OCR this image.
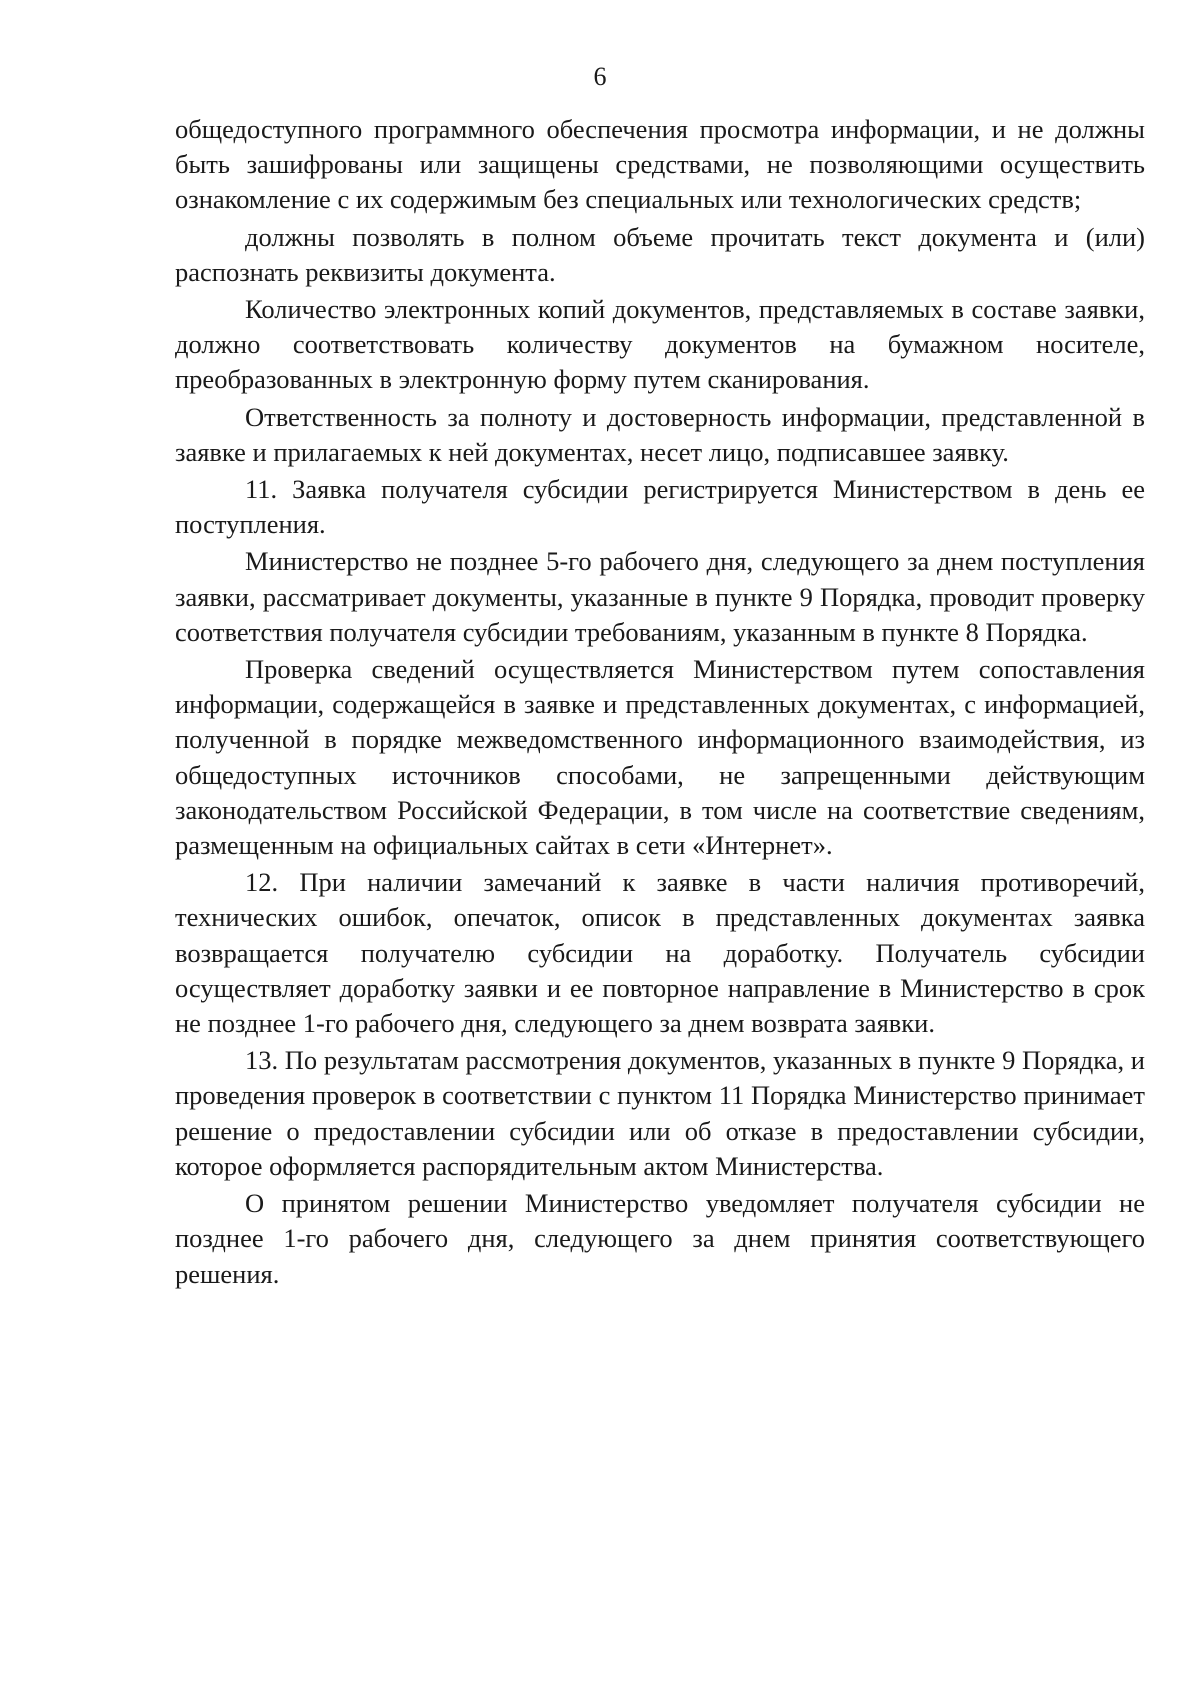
6

общедоступного программного обеспечения просмотра информации, и не должны быть зашифрованы или защищены средствами, не позволяющими осуществить ознакомление с их содержимым без специальных или технологических средств;

должны позволять в полном объеме прочитать текст документа и (или) распознать реквизиты документа.

Количество электронных копий документов, представляемых в составе заявки, должно соответствовать количеству документов на бумажном носителе, преобразованных в электронную форму путем сканирования.

Ответственность за полноту и достоверность информации, представленной в заявке и прилагаемых к ней документах, несет лицо, подписавшее заявку.

11. Заявка получателя субсидии регистрируется Министерством в день ее поступления.

Министерство не позднее 5-го рабочего дня, следующего за днем поступления заявки, рассматривает документы, указанные в пункте 9 Порядка, проводит проверку соответствия получателя субсидии требованиям, указанным в пункте 8 Порядка.

Проверка сведений осуществляется Министерством путем сопоставления информации, содержащейся в заявке и представленных документах, с информацией, полученной в порядке межведомственного информационного взаимодействия, из общедоступных источников способами, не запрещенными действующим законодательством Российской Федерации, в том числе на соответствие сведениям, размещенным на официальных сайтах в сети «Интернет».

12. При наличии замечаний к заявке в части наличия противоречий, технических ошибок, опечаток, описок в представленных документах заявка возвращается получателю субсидии на доработку. Получатель субсидии осуществляет доработку заявки и ее повторное направление в Министерство в срок не позднее 1-го рабочего дня, следующего за днем возврата заявки.

13. По результатам рассмотрения документов, указанных в пункте 9 Порядка, и проведения проверок в соответствии с пунктом 11 Порядка Министерство принимает решение о предоставлении субсидии или об отказе в предоставлении субсидии, которое оформляется распорядительным актом Министерства.

О принятом решении Министерство уведомляет получателя субсидии не позднее 1-го рабочего дня, следующего за днем принятия соответствующего решения.
